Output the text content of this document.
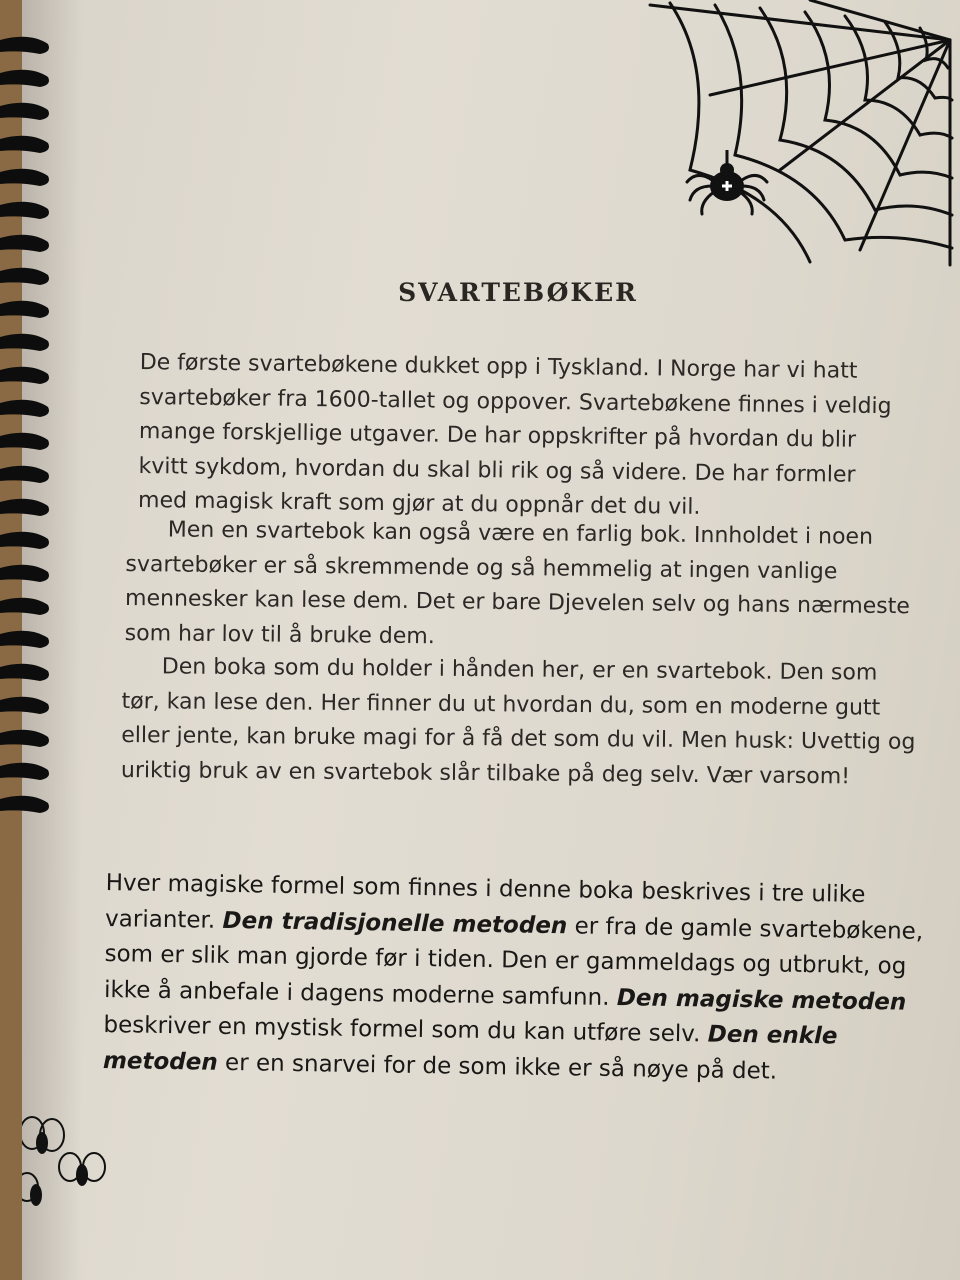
SVARTEBØKER

De første svartebøkene dukket opp i Tyskland. I Norge har vi hatt svartebøker fra 1600-tallet og oppover. Svartebøkene finnes i veldig mange forskjellige utgaver. De har oppskrifter på hvordan du blir kvitt sykdom, hvordan du skal bli rik og så videre. De har formler med magisk kraft som gjør at du oppnår det du vil.

Men en svartebok kan også være en farlig bok. Innholdet i noen svartebøker er så skremmende og så hemmelig at ingen vanlige mennesker kan lese dem. Det er bare Djevelen selv og hans nærmeste som har lov til å bruke dem.

Den boka som du holder i hånden her, er en svartebok. Den som tør, kan lese den. Her finner du ut hvordan du, som en moderne gutt eller jente, kan bruke magi for å få det som du vil. Men husk: Uvettig og uriktig bruk av en svartebok slår tilbake på deg selv. Vær varsom!

Hver magiske formel som finnes i denne boka beskrives i tre ulike varianter. Den tradisjonelle metoden er fra de gamle svartebøkene, som er slik man gjorde før i tiden. Den er gammeldags og utbrukt, og ikke å anbefale i dagens moderne samfunn. Den magiske metoden beskriver en mystisk formel som du kan utføre selv. Den enkle metoden er en snarvei for de som ikke er så nøye på det.
